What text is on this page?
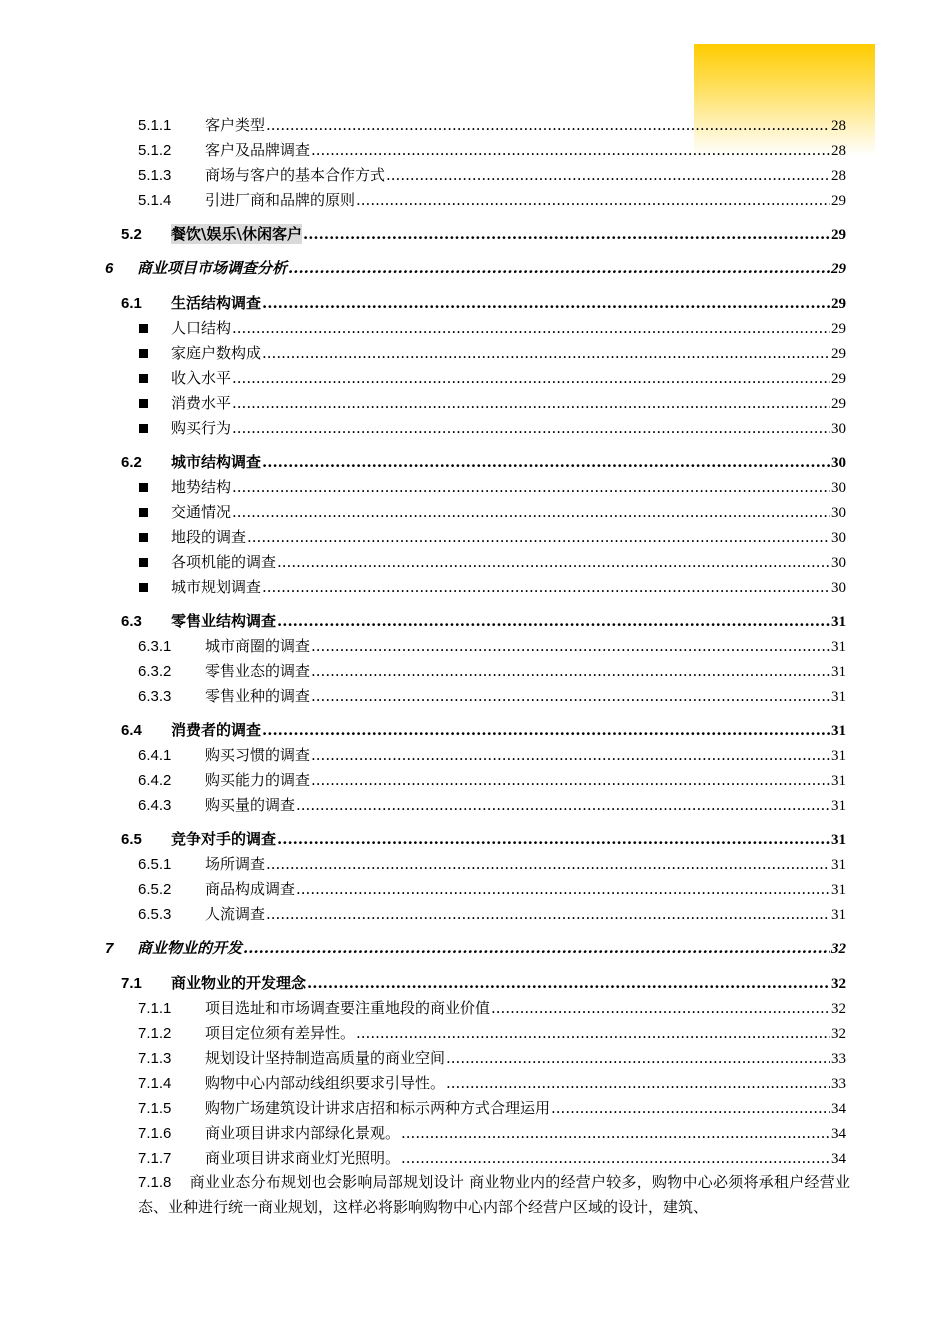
5.1.1	客户类型 .....	28
5.1.2	客户及品牌调查 .....	28
5.1.3	商场与客户的基本合作方式 .....	28
5.1.4	引进厂商和品牌的原则 .....	29
5.2	餐饮\娱乐\休闲客户 .....	29
6	商业项目市场调查分析 .....	29
6.1	生活结构调查 .....	29
人口结构 .....	29
家庭户数构成 .....	29
收入水平 .....	29
消费水平 .....	29
购买行为 .....	30
6.2	城市结构调查 .....	30
地势结构 .....	30
交通情况 .....	30
地段的调查 .....	30
各项机能的调查 .....	30
城市规划调查 .....	30
6.3	零售业结构调查 .....	31
6.3.1	城市商圈的调查 .....	31
6.3.2	零售业态的调查 .....	31
6.3.3	零售业种的调查 .....	31
6.4	消费者的调查 .....	31
6.4.1	购买习惯的调查 .....	31
6.4.2	购买能力的调查 .....	31
6.4.3	购买量的调查 .....	31
6.5	竞争对手的调查 .....	31
6.5.1	场所调查 .....	31
6.5.2	商品构成调查 .....	31
6.5.3	人流调查 .....	31
7	商业物业的开发 .....	32
7.1	商业物业的开发理念 .....	32
7.1.1	项目选址和市场调查要注重地段的商业价值 .....	32
7.1.2	项目定位须有差异性。 .....	32
7.1.3	规划设计坚持制造高质量的商业空间 .....	33
7.1.4	购物中心内部动线组织要求引导性。 .....	33
7.1.5	购物广场建筑设计讲求店招和标示两种方式合理运用 .....	34
7.1.6	商业项目讲求内部绿化景观。 .....	34
7.1.7	商业项目讲求商业灯光照明。 .....	34
7.1.8 商业业态分布规划也会影响局部规划设计 商业物业内的经营户较多，购物中心必须将承租户经营业态、业种进行统一商业规划，这样必将影响购物中心内部个经营户区域的设计，建筑、
